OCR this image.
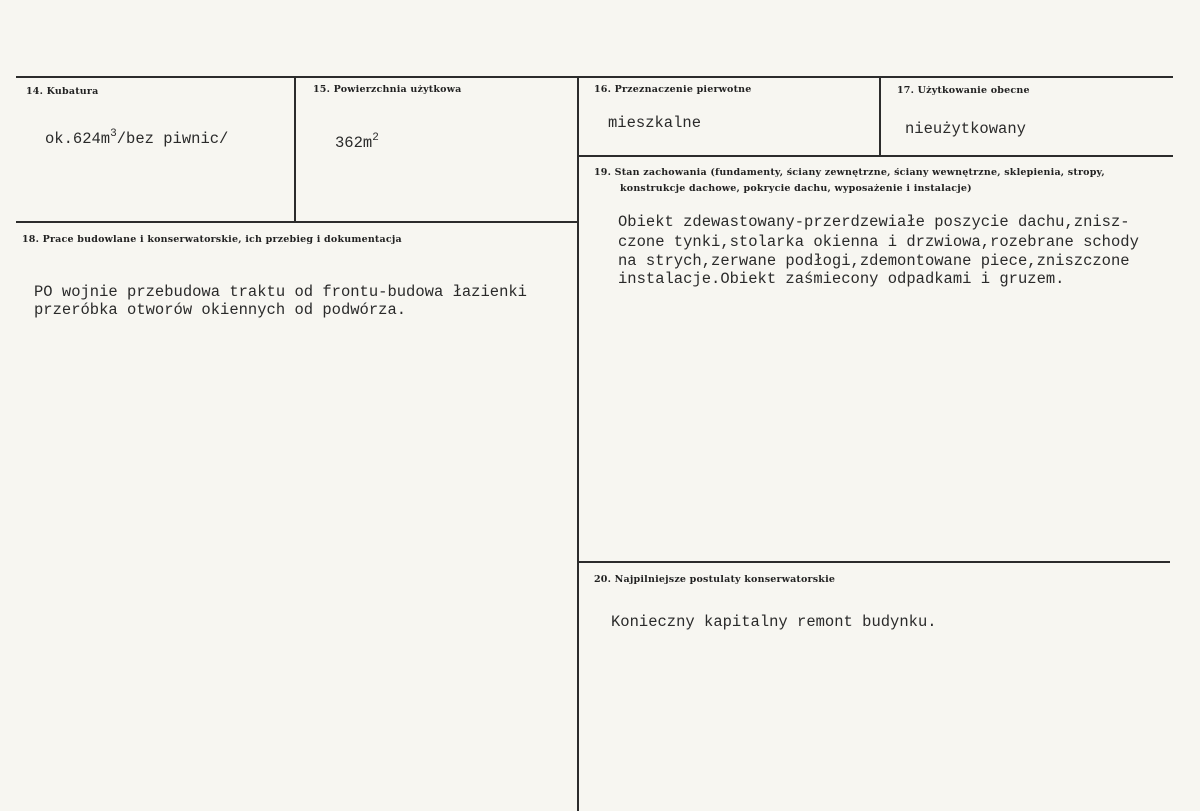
14. Kubatura
$ok.624m^3$/bez piwnic/
15. Powierzchnia użytkowa
$362m^2$
16. Przeznaczenie pierwotne
mieszkalne
17. Użytkowanie obecne
nieużytkowany
18. Prace budowlane i konserwatorskie, ich przebieg i dokumentacja
PO wojnie przebudowa traktu od frontu-budowa łazienki
przeróbka otworów okiennych od podwórza.
19. Stan zachowania (fundamenty, ściany zewnętrzne, ściany wewnętrzne, sklepienia, stropy,
konstrukcje dachowe, pokrycie dachu, wyposażenie i instalacje)
Obiekt zdewastowany-przerdzewiałe poszycie dachu,znisz-
czone tynki,stolarka okienna i drzwiowa,rozebrane schody
na strych,zerwane podłogi,zdemontowane piece,zniszczone
instalacje.Obiekt zaśmiecony odpadkami i gruzem.
20. Najpilniejsze postulaty konserwatorskie
Konieczny kapitalny remont budynku.
